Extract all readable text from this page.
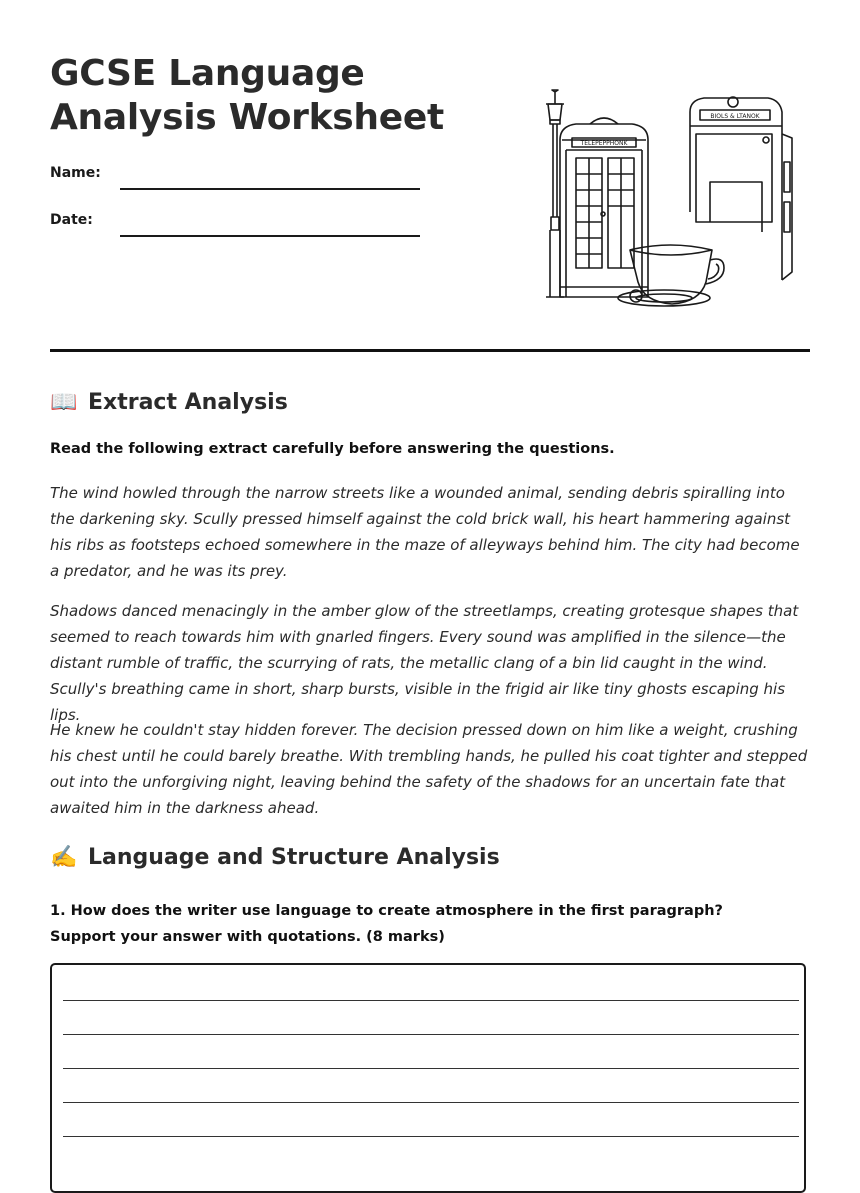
GCSE Language Analysis Worksheet
Name:
Date:
TELEPEPPHONK
BIOLS & LTANOK
📖 Extract Analysis
Read the following extract carefully before answering the questions.

The wind howled through the narrow streets like a wounded animal, sending debris spiralling into the darkening sky. Scully pressed himself against the cold brick wall, his heart hammering against his ribs as footsteps echoed somewhere in the maze of alleyways behind him. The city had become a predator, and he was its prey.

Shadows danced menacingly in the amber glow of the streetlamps, creating grotesque shapes that seemed to reach towards him with gnarled fingers. Every sound was amplified in the silence—the distant rumble of traffic, the scurrying of rats, the metallic clang of a bin lid caught in the wind. Scully's breathing came in short, sharp bursts, visible in the frigid air like tiny ghosts escaping his lips.

He knew he couldn't stay hidden forever. The decision pressed down on him like a weight, crushing his chest until he could barely breathe. With trembling hands, he pulled his coat tighter and stepped out into the unforgiving night, leaving behind the safety of the shadows for an uncertain fate that awaited him in the darkness ahead.

✍️ Language and Structure Analysis

1. How does the writer use language to create atmosphere in the first paragraph? Support your answer with quotations. (8 marks)
